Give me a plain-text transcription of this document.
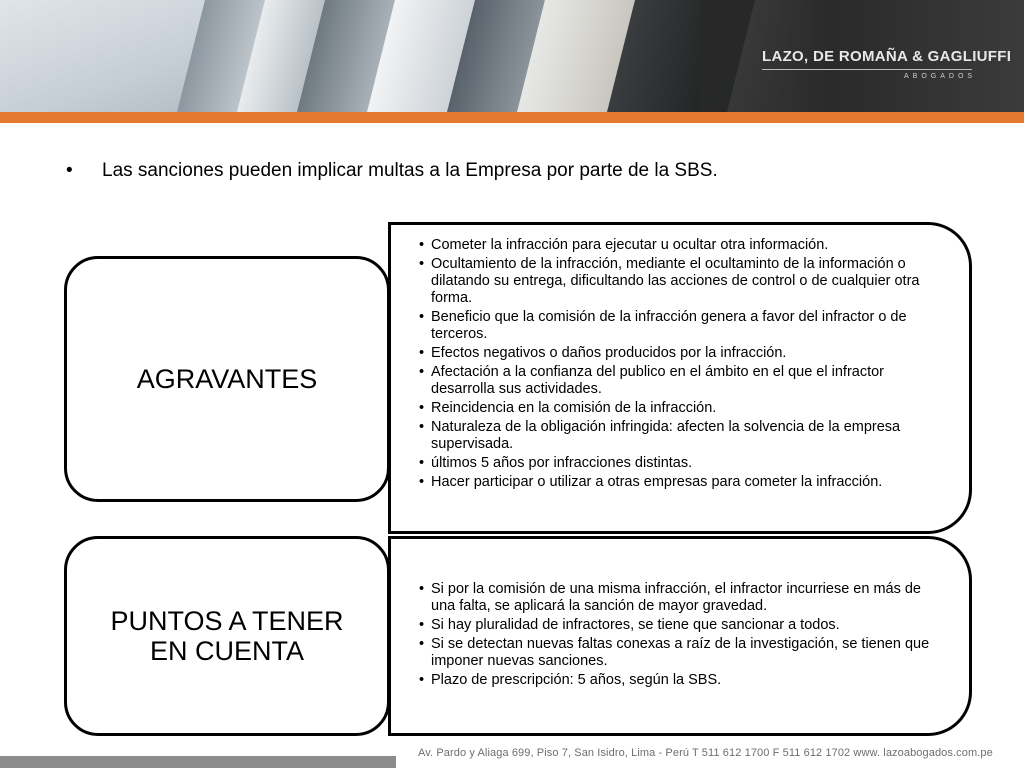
LAZO, DE ROMAÑA & GAGLIUFFI
ABOGADOS
• Las sanciones pueden implicar multas a la Empresa por parte de la SBS.
AGRAVANTES
• Cometer la infracción para ejecutar u ocultar otra información.
• Ocultamiento de la infracción, mediante el ocultaminto de la información o dilatando su entrega, dificultando las acciones de control o de cualquier otra forma.
• Beneficio que la comisión de la infracción genera a favor del infractor o de terceros.
• Efectos negativos o daños producidos por la infracción.
• Afectación a la confianza del publico en el ámbito en el que el infractor desarrolla sus actividades.
• Reincidencia en la comisión de la infracción.
• Naturaleza de la obligación infringida: afecten la solvencia de la empresa supervisada.
• últimos 5 años por infracciones distintas.
• Hacer participar o utilizar a otras empresas para cometer la infracción.
PUNTOS A TENER EN CUENTA
• Si por la comisión de una misma infracción, el infractor incurriese en más de una falta, se aplicará la sanción de mayor gravedad.
• Si hay pluralidad de infractores, se tiene que sancionar a todos.
• Si se detectan nuevas faltas conexas a raíz de la investigación, se tienen que imponer nuevas sanciones.
• Plazo de prescripción: 5 años, según la SBS.
Av. Pardo y Aliaga 699, Piso 7, San Isidro, Lima - Perú T 511 612 1700 F 511 612 1702 www. lazoabogados.com.pe
